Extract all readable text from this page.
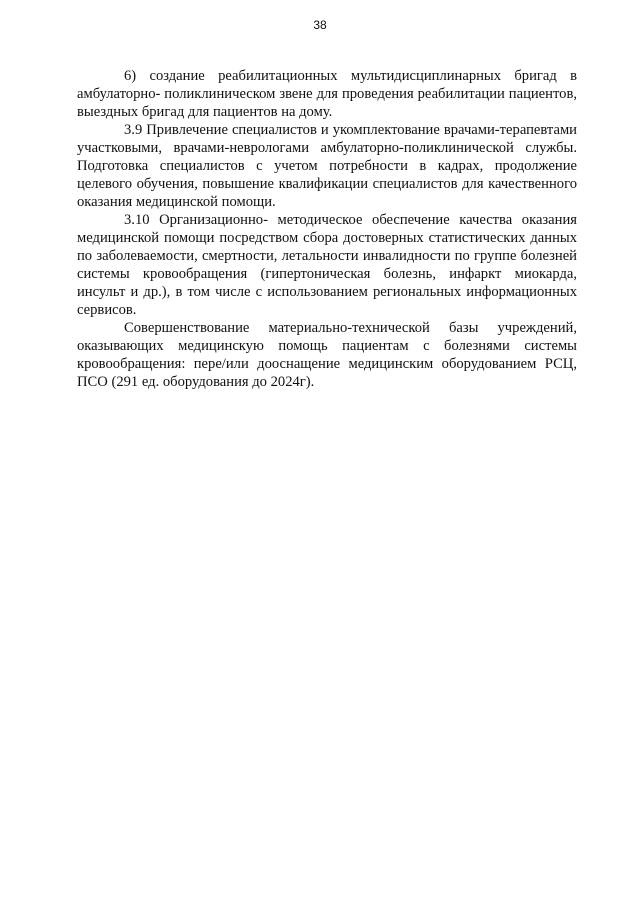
38

6) создание реабилитационных мультидисциплинарных бригад в амбулаторно- поликлиническом звене для проведения реабилитации пациентов, выездных бригад для пациентов на дому.

3.9 Привлечение специалистов и укомплектование врачами-терапевтами участковыми, врачами-неврологами амбулаторно-поликлинической службы. Подготовка специалистов с учетом потребности в кадрах, продолжение целевого обучения, повышение квалификации специалистов для качественного оказания медицинской помощи.

3.10 Организационно- методическое обеспечение качества оказания медицинской помощи посредством сбора достоверных статистических данных по заболеваемости, смертности, летальности инвалидности по группе болезней системы кровообращения (гипертоническая болезнь, инфаркт миокарда, инсульт и др.), в том числе с использованием региональных информационных сервисов.

Совершенствование материально-технической базы учреждений, оказывающих медицинскую помощь пациентам с болезнями системы кровообращения: пере/или дооснащение медицинским оборудованием РСЦ, ПСО (291 ед. оборудования до 2024г).
